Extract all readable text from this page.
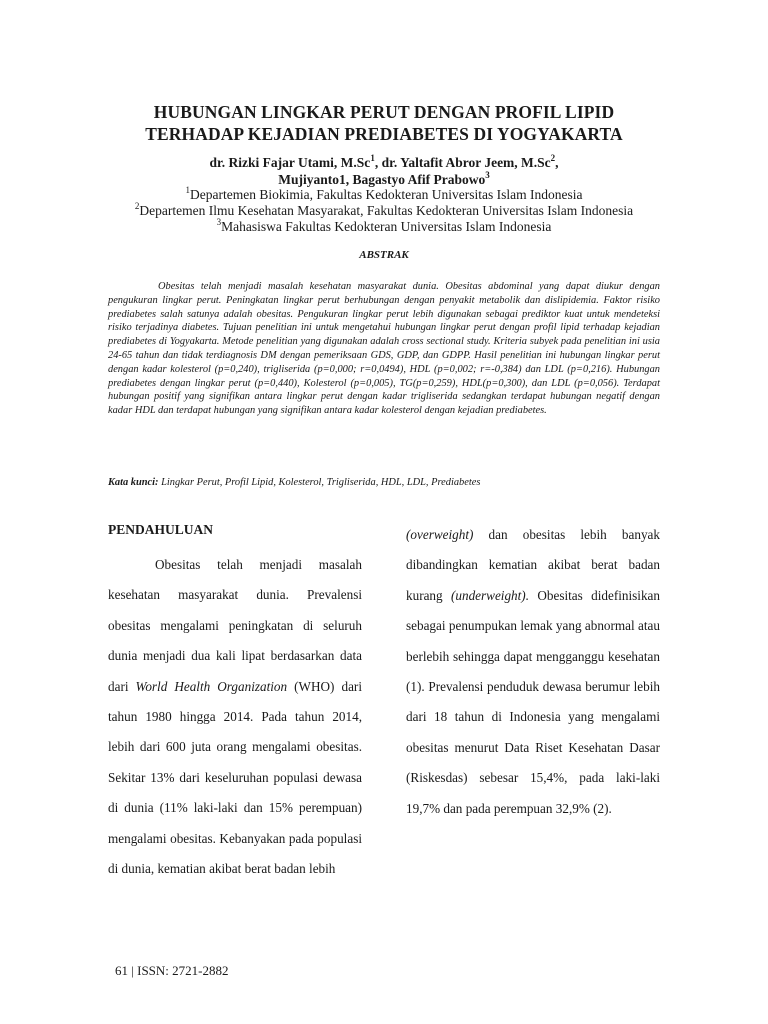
HUBUNGAN LINGKAR PERUT DENGAN PROFIL LIPID
TERHADAP KEJADIAN PREDIABETES DI YOGYAKARTA
dr. Rizki Fajar Utami, M.Sc$^1$, dr. Yaltafit Abror Jeem, M.Sc$^2$,
Mujiyanto1, Bagastyo Afif Prabowo$^3$
$^1$Departemen Biokimia, Fakultas Kedokteran Universitas Islam Indonesia
$^2$Departemen Ilmu Kesehatan Masyarakat, Fakultas Kedokteran Universitas Islam Indonesia
$^3$Mahasiswa Fakultas Kedokteran Universitas Islam Indonesia
ABSTRAK
Obesitas telah menjadi masalah kesehatan masyarakat dunia. Obesitas abdominal yang dapat diukur dengan pengukuran lingkar perut. Peningkatan lingkar perut berhubungan dengan penyakit metabolik dan dislipidemia. Faktor risiko prediabetes salah satunya adalah obesitas. Pengukuran lingkar perut lebih digunakan sebagai prediktor kuat untuk mendeteksi risiko terjadinya diabetes. Tujuan penelitian ini untuk mengetahui hubungan lingkar perut dengan profil lipid terhadap kejadian prediabetes di Yogyakarta. Metode penelitian yang digunakan adalah cross sectional study. Kriteria subyek pada penelitian ini usia 24-65 tahun dan tidak terdiagnosis DM dengan pemeriksaan GDS, GDP, dan GDPP. Hasil penelitian ini hubungan lingkar perut dengan kadar kolesterol (p=0,240), trigliserida (p=0,000; r=0,0494), HDL (p=0,002; r=-0,384) dan LDL (p=0,216). Hubungan prediabetes dengan lingkar perut (p=0,440), Kolesterol (p=0,005), TG(p=0,259), HDL(p=0,300), dan LDL (p=0,056). Terdapat hubungan positif yang signifikan antara lingkar perut dengan kadar trigliserida sedangkan terdapat hubungan negatif dengan kadar HDL dan terdapat hubungan yang signifikan antara kadar kolesterol dengan kejadian prediabetes.
Kata kunci: Lingkar Perut, Profil Lipid, Kolesterol, Trigliserida, HDL, LDL, Prediabetes
PENDAHULUAN

Obesitas telah menjadi masalah kesehatan masyarakat dunia. Prevalensi obesitas mengalami peningkatan di seluruh dunia menjadi dua kali lipat berdasarkan data dari World Health Organization (WHO) dari tahun 1980 hingga 2014. Pada tahun 2014, lebih dari 600 juta orang mengalami obesitas. Sekitar 13% dari keseluruhan populasi dewasa di dunia (11% laki-laki dan 15% perempuan) mengalami obesitas. Kebanyakan pada populasi di dunia, kematian akibat berat badan lebih

(overweight) dan obesitas lebih banyak dibandingkan kematian akibat berat badan kurang (underweight). Obesitas didefinisikan sebagai penumpukan lemak yang abnormal atau berlebih sehingga dapat mengganggu kesehatan (1). Prevalensi penduduk dewasa berumur lebih dari 18 tahun di Indonesia yang mengalami obesitas menurut Data Riset Kesehatan Dasar (Riskesdas) sebesar 15,4%, pada laki-laki 19,7% dan pada perempuan 32,9% (2).

61 | ISSN: 2721-2882
